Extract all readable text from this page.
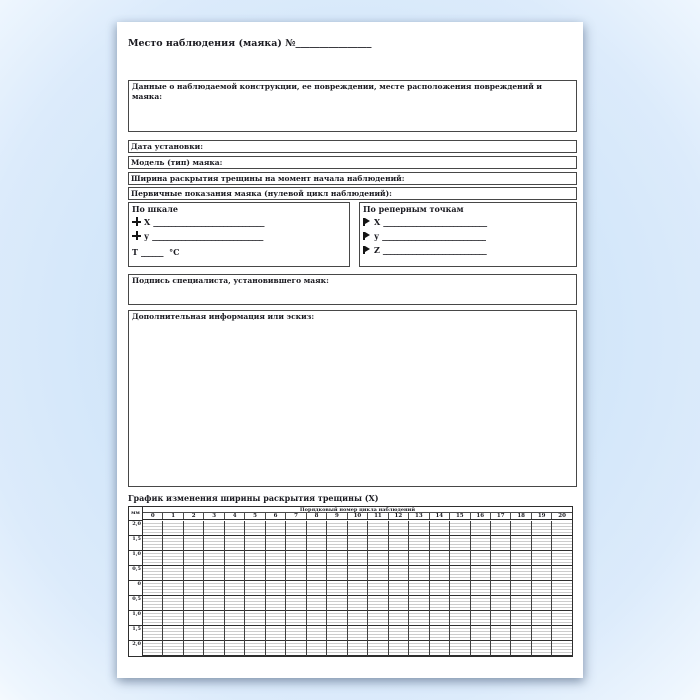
Место наблюдения (маяка) №________________
Данные о наблюдаемой конструкции, ее повреждении, месте расположения повреждений и маяка:
Дата установки:
Модель (тип) маяка:
Ширина раскрытия трещины на момент начала наблюдений:
Первичные показания маяка (нулевой цикл наблюдений):
По шкале
X ______________________________
у ______________________________
Т ______ °С
По реперным точкам
X ____________________________
у ____________________________
Z ____________________________
Подпись специалиста, установившего маяк:
Дополнительная информация или эскиз:
График изменения ширины раскрытия трещины (X)
мм	Порядковый номер цикла наблюдений
0	1	2	3	4	5	6	7	8	9	10	11	12	13	14	15	16	17	18	19	20
2,0
1,5
1,0
0,5
0
0,5
1,0
1,5
2,0
